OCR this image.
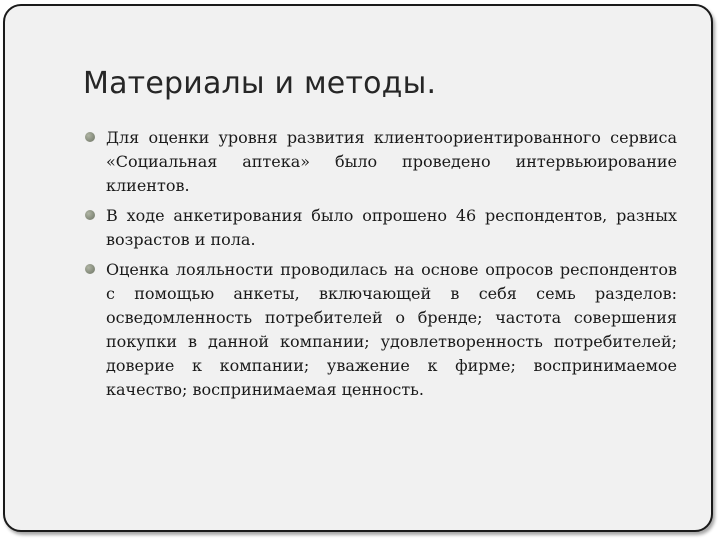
Материалы и методы.
Для оценки уровня развития клиентоориентированного сервиса «Социальная аптека» было проведено интервьюирование клиентов.
В ходе анкетирования было опрошено 46 респондентов, разных возрастов и пола.
Оценка лояльности проводилась на основе опросов респондентов с помощью анкеты, включающей в себя семь разделов: осведомленность потребителей о бренде; частота совершения покупки в данной компании; удовлетворенность потребителей; доверие к компании; уважение к фирме; воспринимаемое качество; воспринимаемая ценность.
